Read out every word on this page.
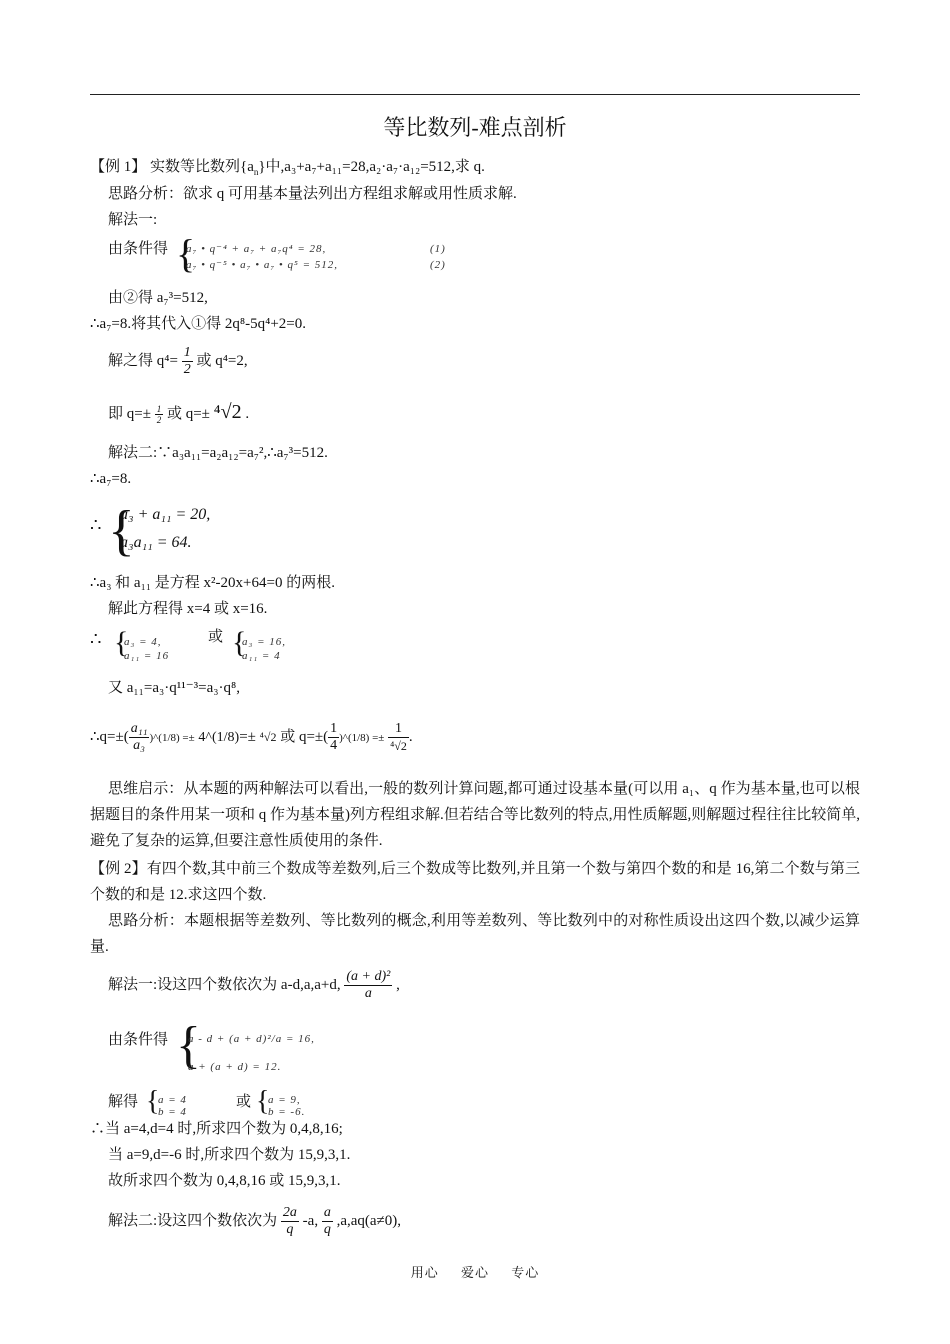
等比数列-难点剖析
【例 1】 实数等比数列$\{a_n\}$中,a₃+a₇+a₁₁=28,a₂·a₇·a₁₂=512,求 q.
思路分析：欲求 q 可用基本量法列出方程组求解或用性质求解.
解法一:
由条件得 {
a₇ • q⁻⁴ + a₇ + a₇q⁴ = 28,	(1)
a₇ • q⁻⁵ • a₇ • a₇ • q⁵ = 512,	(2)
由②得 a₇³=512,
∴a₇=8.将其代入①得 2q⁸-5q⁴+2=0.
解之得 $q^4= \frac{1}{2}$ 或 q⁴=2,
即 $q=\pm \frac{1}{2}$ 或 q=± ⁴√2 .
解法二:∵a₃a₁₁=a₂a₁₂=a₇²,∴a₇³=512.
∴a₇=8.
∴ {
a₃ + a₁₁ = 20,
a₃a₁₁ = 64.
∴a₃ 和 a₁₁ 是方程 x²-20x+64=0 的两根.
解此方程得 x=4 或 x=16.
∴ {
a₃ = 4,
a₁₁ = 16
或 {
a₃ = 16,
a₁₁ = 4
又 a₁₁=a₃·q¹¹⁻³=a₃·q⁸,
∴q=±( $\frac{\text{a₁₁}}{\text{a₃}}$ )^(1/8) =± 4^(1/8)=± ⁴√2 或 $q=\pm( \frac{1}{4}$ )^(1/8) =± $\frac{1}{\text{⁴√2}}$ .
思维启示：从本题的两种解法可以看出,一般的数列计算问题,都可通过设基本量(可以用 a₁、q 作为基本量,也可以根据题目的条件用某一项和 q 作为基本量)列方程组求解.但若结合等比数列的特点,用性质解题,则解题过程往往比较简单,避免了复杂的运算,但要注意性质使用的条件.
【例 2】有四个数,其中前三个数成等差数列,后三个数成等比数列,并且第一个数与第四个数的和是 16,第二个数与第三个数的和是 12.求这四个数.
思路分析：本题根据等差数列、等比数列的概念,利用等差数列、等比数列中的对称性质设出这四个数,以减少运算量.
解法一:设这四个数依次为 a-d,a,a+d, $\frac{\text{(a + d)²}}{a}$ ,
由条件得 {
a - d + (a + d)²/a = 16,
a + (a + d) = 12.
解得 {
a = 4
b = 4
或 {
a = 9,
b = -6.
∴当 a=4,d=4 时,所求四个数为 0,4,8,16;
当 a=9,d=-6 时,所求四个数为 15,9,3,1.
故所求四个数为 0,4,8,16 或 15,9,3,1.
解法二:设这四个数依次为 $\frac{2a}{q} -a$, $\frac{a}{q} ,a,aq(a\ne 0)$,
用心 爱心 专心
